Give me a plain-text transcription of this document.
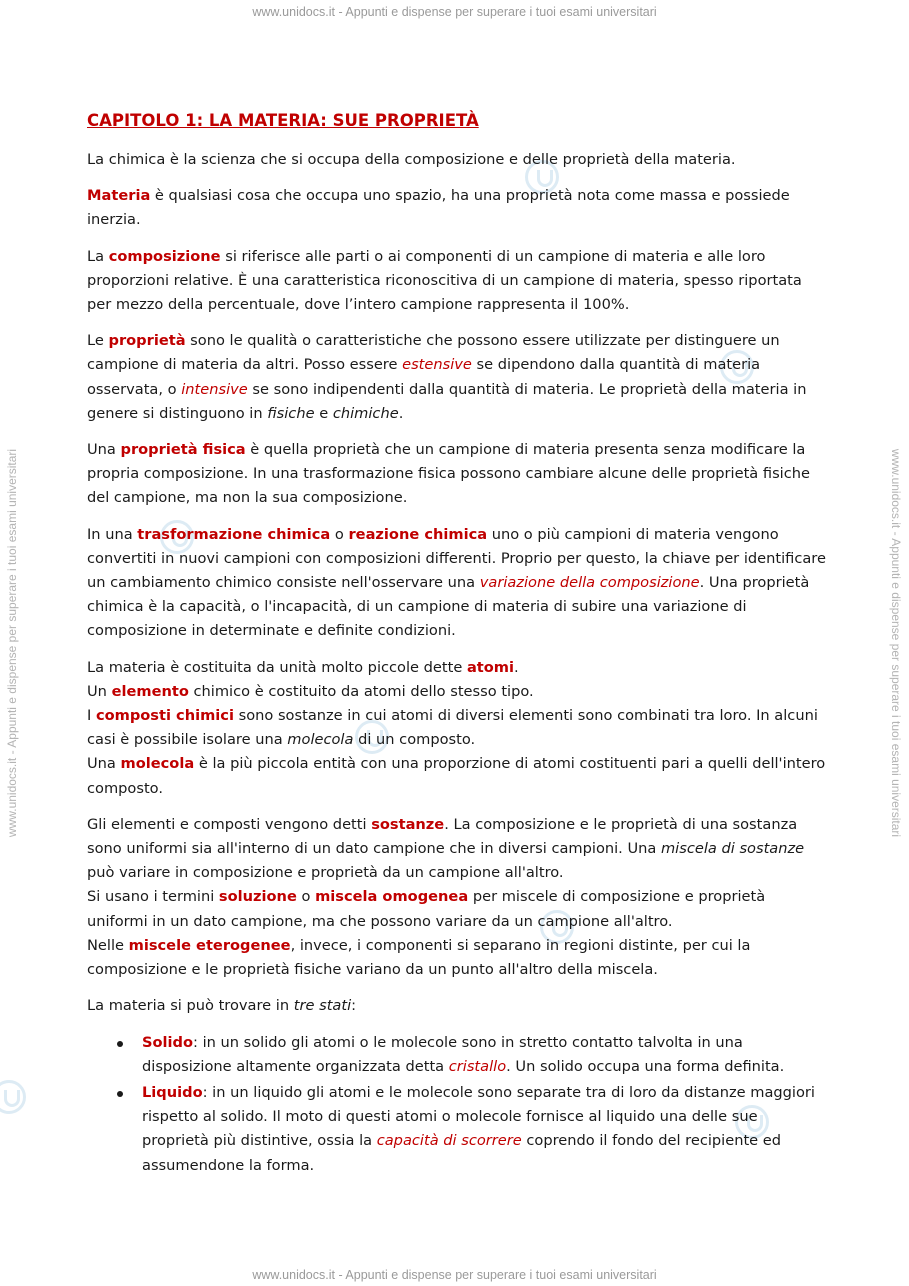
www.unidocs.it - Appunti e dispense per superare i tuoi esami universitari
www.unidocs.it - Appunti e dispense per superare i tuoi esami universitari
www.unidocs.it - Appunti e dispense per superare i tuoi esami universitari	www.unidocs.it - Appunti e dispense per superare i tuoi esami universitari
CAPITOLO 1: LA MATERIA: SUE PROPRIETÀ

La chimica è la scienza che si occupa della composizione e delle proprietà della materia.

Materia è qualsiasi cosa che occupa uno spazio, ha una proprietà nota come massa e possiede inerzia.

La composizione si riferisce alle parti o ai componenti di un campione di materia e alle loro proporzioni relative. È una caratteristica riconoscitiva di un campione di materia, spesso riportata per mezzo della percentuale, dove l’intero campione rappresenta il 100%.

Le proprietà sono le qualità o caratteristiche che possono essere utilizzate per distinguere un campione di materia da altri. Posso essere estensive se dipendono dalla quantità di materia osservata, o intensive se sono indipendenti dalla quantità di materia. Le proprietà della materia in genere si distinguono in fisiche e chimiche.

Una proprietà fisica è quella proprietà che un campione di materia presenta senza modificare la propria composizione. In una trasformazione fisica possono cambiare alcune delle proprietà fisiche del campione, ma non la sua composizione.

In una trasformazione chimica o reazione chimica uno o più campioni di materia vengono convertiti in nuovi campioni con composizioni differenti. Proprio per questo, la chiave per identificare un cambiamento chimico consiste nell'osservare una variazione della composizione. Una proprietà chimica è la capacità, o l'incapacità, di un campione di materia di subire una variazione di composizione in determinate e definite condizioni.

La materia è costituita da unità molto piccole dette atomi.
Un elemento chimico è costituito da atomi dello stesso tipo.
I composti chimici sono sostanze in cui atomi di diversi elementi sono combinati tra loro. In alcuni casi è possibile isolare una molecola di un composto.
Una molecola è la più piccola entità con una proporzione di atomi costituenti pari a quelli dell'intero composto.

Gli elementi e composti vengono detti sostanze. La composizione e le proprietà di una sostanza sono uniformi sia all'interno di un dato campione che in diversi campioni. Una miscela di sostanze può variare in composizione e proprietà da un campione all'altro.
Si usano i termini soluzione o miscela omogenea per miscele di composizione e proprietà uniformi in un dato campione, ma che possono variare da un campione all'altro.
Nelle miscele eterogenee, invece, i componenti si separano in regioni distinte, per cui la composizione e le proprietà fisiche variano da un punto all'altro della miscela.

La materia si può trovare in tre stati:

Solido: in un solido gli atomi o le molecole sono in stretto contatto talvolta in una disposizione altamente organizzata detta cristallo. Un solido occupa una forma definita.
Liquido: in un liquido gli atomi e le molecole sono separate tra di loro da distanze maggiori rispetto al solido. Il moto di questi atomi o molecole fornisce al liquido una delle sue proprietà più distintive, ossia la capacità di scorrere coprendo il fondo del recipiente ed assumendone la forma.
